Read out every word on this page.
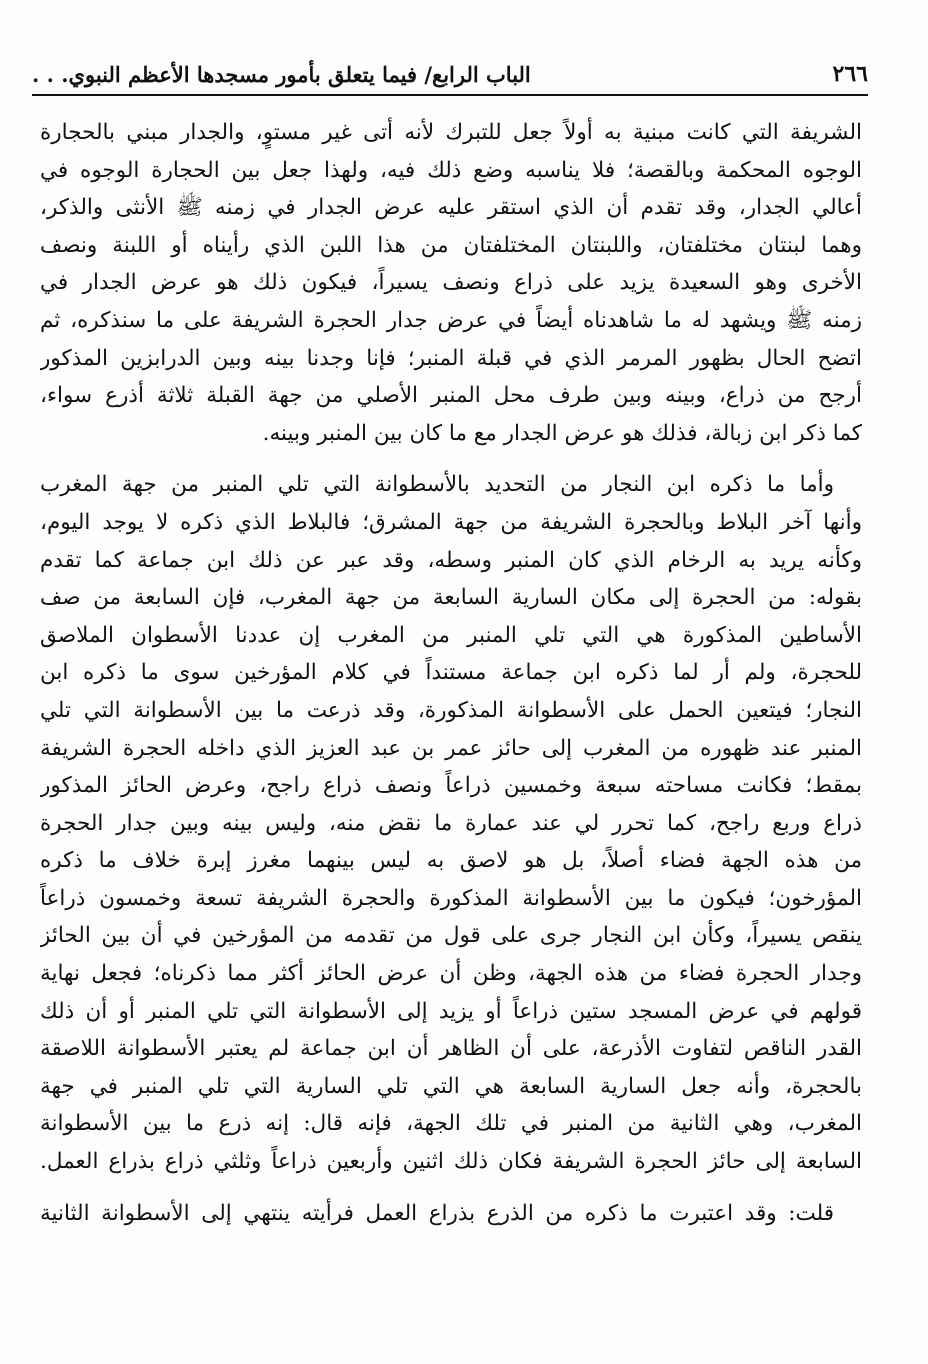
٢٦٦
الباب الرابع/ فيما يتعلق بأمور مسجدها الأعظم النبوي. . .
الشريفة التي كانت مبنية به أولاً جعل للتبرك لأنه أتى غير مستوٍ، والجدار مبني بالحجارة
الوجوه المحكمة وبالقصة؛ فلا يناسبه وضع ذلك فيه، ولهذا جعل بين الحجارة الوجوه في
أعالي الجدار، وقد تقدم أن الذي استقر عليه عرض الجدار في زمنه ﷺ الأنثى والذكر،
وهما لبنتان مختلفتان، واللبنتان المختلفتان من هذا اللبن الذي رأيناه أو اللبنة ونصف
الأخرى وهو السعيدة يزيد على ذراع ونصف يسيراً، فيكون ذلك هو عرض الجدار في
زمنه ﷺ ويشهد له ما شاهدناه أيضاً في عرض جدار الحجرة الشريفة على ما سنذكره، ثم
اتضح الحال بظهور المرمر الذي في قبلة المنبر؛ فإنا وجدنا بينه وبين الدرابزين المذكور
أرجح من ذراع، وبينه وبين طرف محل المنبر الأصلي من جهة القبلة ثلاثة أذرع سواء،
كما ذكر ابن زبالة، فذلك هو عرض الجدار مع ما كان بين المنبر وبينه.
وأما ما ذكره ابن النجار من التحديد بالأسطوانة التي تلي المنبر من جهة المغرب
وأنها آخر البلاط وبالحجرة الشريفة من جهة المشرق؛ فالبلاط الذي ذكره لا يوجد اليوم،
وكأنه يريد به الرخام الذي كان المنبر وسطه، وقد عبر عن ذلك ابن جماعة كما تقدم
بقوله: من الحجرة إلى مكان السارية السابعة من جهة المغرب، فإن السابعة من صف
الأساطين المذكورة هي التي تلي المنبر من المغرب إن عددنا الأسطوان الملاصق
للحجرة، ولم أر لما ذكره ابن جماعة مستنداً في كلام المؤرخين سوى ما ذكره ابن
النجار؛ فيتعين الحمل على الأسطوانة المذكورة، وقد ذرعت ما بين الأسطوانة التي تلي
المنبر عند ظهوره من المغرب إلى حائز عمر بن عبد العزيز الذي داخله الحجرة الشريفة
بمقط؛ فكانت مساحته سبعة وخمسين ذراعاً ونصف ذراع راجح، وعرض الحائز المذكور
ذراع وربع راجح، كما تحرر لي عند عمارة ما نقض منه، وليس بينه وبين جدار الحجرة
من هذه الجهة فضاء أصلاً، بل هو لاصق به ليس بينهما مغرز إبرة خلاف ما ذكره
المؤرخون؛ فيكون ما بين الأسطوانة المذكورة والحجرة الشريفة تسعة وخمسون ذراعاً
ينقص يسيراً، وكأن ابن النجار جرى على قول من تقدمه من المؤرخين في أن بين الحائز
وجدار الحجرة فضاء من هذه الجهة، وظن أن عرض الحائز أكثر مما ذكرناه؛ فجعل نهاية
قولهم في عرض المسجد ستين ذراعاً أو يزيد إلى الأسطوانة التي تلي المنبر أو أن ذلك
القدر الناقص لتفاوت الأذرعة، على أن الظاهر أن ابن جماعة لم يعتبر الأسطوانة اللاصقة
بالحجرة، وأنه جعل السارية السابعة هي التي تلي السارية التي تلي المنبر في جهة
المغرب، وهي الثانية من المنبر في تلك الجهة، فإنه قال: إنه ذرع ما بين الأسطوانة
السابعة إلى حائز الحجرة الشريفة فكان ذلك اثنين وأربعين ذراعاً وثلثي ذراع بذراع العمل.
قلت: وقد اعتبرت ما ذكره من الذرع بذراع العمل فرأيته ينتهي إلى الأسطوانة الثانية
